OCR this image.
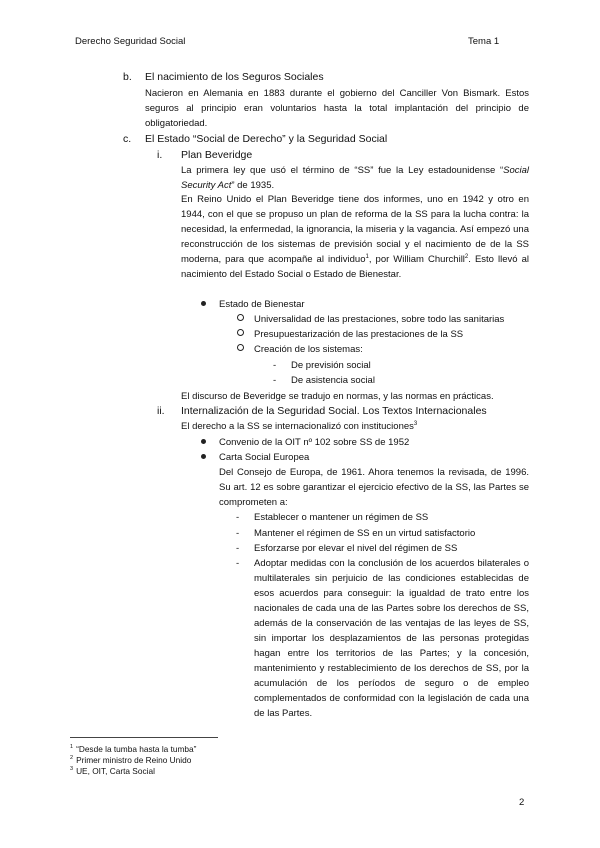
Derecho Seguridad Social	Tema 1
b. El nacimiento de los Seguros Sociales
Nacieron en Alemania en 1883 durante el gobierno del Canciller Von Bismark. Estos seguros al principio eran voluntarios hasta la total implantación del principio de obligatoriedad.
c. El Estado “Social de Derecho” y la Seguridad Social
i. Plan Beveridge
La primera ley que usó el término de “SS” fue la Ley estadounidense “Social Security Act” de 1935.
En Reino Unido el Plan Beveridge tiene dos informes, uno en 1942 y otro en 1944, con el que se propuso un plan de reforma de la SS para la lucha contra: la necesidad, la enfermedad, la ignorancia, la miseria y la vagancia. Así empezó una reconstrucción de los sistemas de previsión social y el nacimiento de de la SS moderna, para que acompañe al individuo$^1$, por William Churchill$^2$. Esto llevó al nacimiento del Estado Social o Estado de Bienestar.
Estado de Bienestar
Universalidad de las prestaciones, sobre todo las sanitarias
Presupuestarización de las prestaciones de la SS
Creación de los sistemas:
- De previsión social
- De asistencia social
El discurso de Beveridge se tradujo en normas, y las normas en prácticas.
ii. Internalización de la Seguridad Social. Los Textos Internacionales
El derecho a la SS se internacionalizó con instituciones$^3$
Convenio de la OIT nº 102 sobre SS de 1952
Carta Social Europea
Del Consejo de Europa, de 1961. Ahora tenemos la revisada, de 1996. Su art. 12 es sobre garantizar el ejercicio efectivo de la SS, las Partes se comprometen a:
- Establecer o mantener un régimen de SS
- Mantener el régimen de SS en un virtud satisfactorio
- Esforzarse por elevar el nivel del régimen de SS
- Adoptar medidas con la conclusión de los acuerdos bilaterales o multilaterales sin perjuicio de las condiciones establecidas de esos acuerdos para conseguir: la igualdad de trato entre los nacionales de cada una de las Partes sobre los derechos de SS, además de la conservación de las ventajas de las leyes de SS, sin importar los desplazamientos de las personas protegidas hagan entre los territorios de las Partes; y la concesión, mantenimiento y restablecimiento de los derechos de SS, por la acumulación de los períodos de seguro o de empleo complementados de conformidad con la legislación de cada una de las Partes.
$^1$ “Desde la tumba hasta la tumba”
$^2$ Primer ministro de Reino Unido
$^3$ UE, OIT, Carta Social
2
